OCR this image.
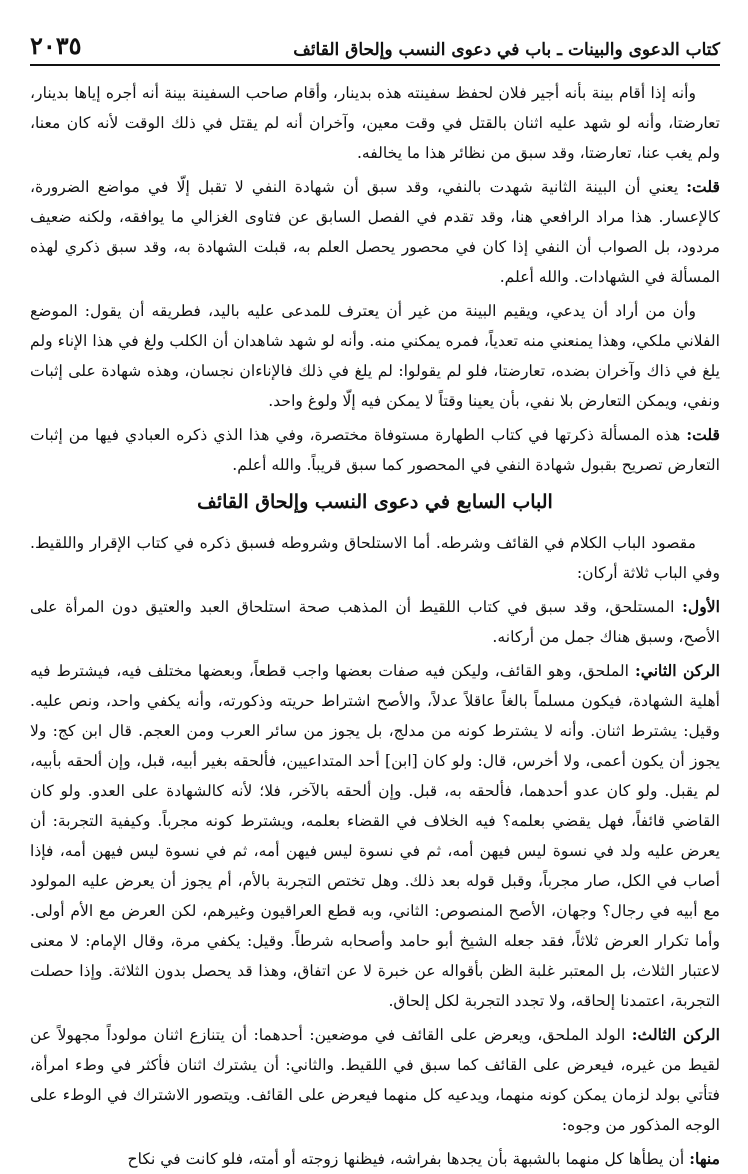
كتاب الدعوى والبينات ـ باب في دعوى النسب وإلحاق القائف
٢٠٣٥

وأنه إذا أقام بينة بأنه أجير فلان لحفظ سفينته هذه بدينار، وأقام صاحب السفينة بينة أنه أجره إياها بدينار، تعارضتا، وأنه لو شهد عليه اثنان بالقتل في وقت معين، وآخران أنه لم يقتل في ذلك الوقت لأنه كان معنا، ولم يغب عنا، تعارضتا، وقد سبق من نظائر هذا ما يخالفه.

قلت: يعني أن البينة الثانية شهدت بالنفي، وقد سبق أن شهادة النفي لا تقبل إلّا في مواضع الضرورة، كالإعسار. هذا مراد الرافعي هنا، وقد تقدم في الفصل السابق عن فتاوى الغزالي ما يوافقه، ولكنه ضعيف مردود، بل الصواب أن النفي إذا كان في محصور يحصل العلم به، قبلت الشهادة به، وقد سبق ذكري لهذه المسألة في الشهادات. والله أعلم.

وأن من أراد أن يدعي، ويقيم البينة من غير أن يعترف للمدعى عليه باليد، فطريقه أن يقول: الموضع الفلاني ملكي، وهذا يمنعني منه تعدياً، فمره يمكني منه. وأنه لو شهد شاهدان أن الكلب ولغ في هذا الإناء ولم يلغ في ذاك وآخران بضده، تعارضتا، فلو لم يقولوا: لم يلغ في ذلك فالإناءان نجسان، وهذه شهادة على إثبات ونفي، ويمكن التعارض بلا نفي، بأن يعينا وقتاً لا يمكن فيه إلّا ولوغ واحد.

قلت: هذه المسألة ذكرتها في كتاب الطهارة مستوفاة مختصرة، وفي هذا الذي ذكره العبادي فيها من إثبات التعارض تصريح بقبول شهادة النفي في المحصور كما سبق قريباً. والله أعلم.

الباب السابع في دعوى النسب وإلحاق القائف

مقصود الباب الكلام في القائف وشرطه. أما الاستلحاق وشروطه فسبق ذكره في كتاب الإقرار واللقيط. وفي الباب ثلاثة أركان:

الأول: المستلحق، وقد سبق في كتاب اللقيط أن المذهب صحة استلحاق العبد والعتيق دون المرأة على الأصح، وسبق هناك جمل من أركانه.

الركن الثاني: الملحق، وهو القائف، وليكن فيه صفات بعضها واجب قطعاً، وبعضها مختلف فيه، فيشترط فيه أهلية الشهادة، فيكون مسلماً بالغاً عاقلاً عدلاً، والأصح اشتراط حريته وذكورته، وأنه يكفي واحد، ونص عليه. وقيل: يشترط اثنان. وأنه لا يشترط كونه من مدلج، بل يجوز من سائر العرب ومن العجم. قال ابن كج: ولا يجوز أن يكون أعمى، ولا أخرس، قال: ولو كان [ابن] أحد المتداعيين، فألحقه بغير أبيه، قبل، وإن ألحقه بأبيه، لم يقبل. ولو كان عدو أحدهما، فألحقه به، قبل. وإن ألحقه بالآخر، فلا؛ لأنه كالشهادة على العدو. ولو كان القاضي قائفاً، فهل يقضي بعلمه؟ فيه الخلاف في القضاء بعلمه، ويشترط كونه مجرباً. وكيفية التجربة: أن يعرض عليه ولد في نسوة ليس فيهن أمه، ثم في نسوة ليس فيهن أمه، ثم في نسوة ليس فيهن أمه، فإذا أصاب في الكل، صار مجرباً، وقبل قوله بعد ذلك. وهل تختص التجربة بالأم، أم يجوز أن يعرض عليه المولود مع أبيه في رجال؟ وجهان، الأصح المنصوص: الثاني، وبه قطع العراقيون وغيرهم، لكن العرض مع الأم أولى. وأما تكرار العرض ثلاثاً، فقد جعله الشيخ أبو حامد وأصحابه شرطاً. وقيل: يكفي مرة، وقال الإمام: لا معنى لاعتبار الثلاث، بل المعتبر غلبة الظن بأقواله عن خبرة لا عن اتفاق، وهذا قد يحصل بدون الثلاثة. وإذا حصلت التجربة، اعتمدنا إلحاقه، ولا تجدد التجربة لكل إلحاق.

الركن الثالث: الولد الملحق، ويعرض على القائف في موضعين: أحدهما: أن يتنازع اثنان مولوداً مجهولاً عن لقيط من غيره، فيعرض على القائف كما سبق في اللقيط. والثاني: أن يشترك اثنان فأكثر في وطء امرأة، فتأتي بولد لزمان يمكن كونه منهما، ويدعيه كل منهما فيعرض على القائف. ويتصور الاشتراك في الوطء على الوجه المذكور من وجوه:

منها: أن يطأها كل منهما بالشبهة بأن يجدها بفراشه، فيظنها زوجته أو أمته، فلو كانت في نكاح
